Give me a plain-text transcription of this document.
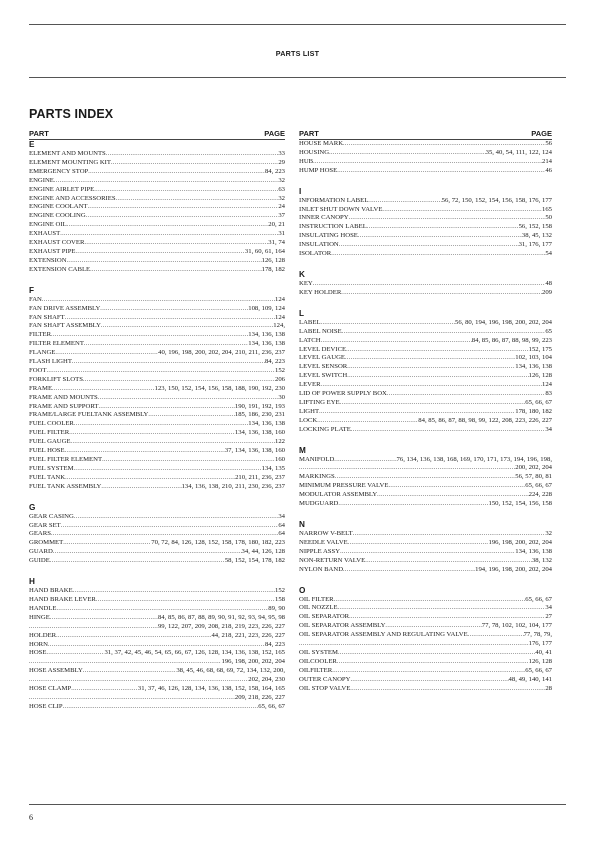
PARTS LIST
PARTS INDEX
PART	PAGE
E
ELEMENT AND MOUNTS .....	33
ELEMENT MOUNTING KIT .....	29
EMERGENCY STOP .....	84, 223
ENGINE .....	32
ENGINE AIRLET PIPE .....	63
ENGINE AND ACCESSORIES .....	32
ENGINE COOLANT .....	24
ENGINE COOLING .....	37
ENGINE OIL .....	20, 21
EXHAUST .....	31
EXHAUST COVER .....	31, 74
EXHAUST PIPE .....	31, 60, 61, 164
EXTENSION .....	126, 128
EXTENSION CABLE .....	178, 182
F
FAN .....	124
FAN DRIVE ASSEMBLY .....	108, 109, 124
FAN SHAFT .....	124
FAN SHAFT ASSEMBLY .....	124,
FILTER .....	134, 136, 138
FILTER ELEMENT .....	134, 136, 138
FLANGE .....	40, 196, 198, 200, 202, 204, 210, 211, 236, 237
FLASH LIGHT .....	84, 223
FOOT .....	152
FORKLIFT SLOTS .....	206
FRAME .....	123, 150, 152, 154, 156, 158, 188, 190, 192, 230
FRAME AND MOUNTS .....	30
FRAME AND SUPPORT .....	190, 191, 192, 193
FRAME/LARGE FUELTANK ASSEMBLY .....	185, 186, 230, 231
FUEL COOLER .....	134, 136, 138
FUEL FILTER .....	134, 136, 138, 160
FUEL GAUGE .....	122
FUEL HOSE .....	37, 134, 136, 138, 160
FUEL FILTER ELEMENT .....	160
FUEL SYSTEM .....	134, 135
FUEL TANK .....	210, 211, 236, 237
FUEL TANK ASSEMBLY .....	134, 136, 138, 210, 211, 230, 236, 237
G
GEAR CASING .....	34
GEAR SET .....	64
GEARS .....	64
GROMMET .....	70, 72, 84, 126, 128, 152, 158, 178, 180, 182, 223
GUARD .....	34, 44, 126, 128
GUIDE .....	58, 152, 154, 178, 182
H
HAND BRAKE .....	152
HAND BRAKE LEVER .....	158
HANDLE .....	89, 90
HINGE .....	84, 85, 86, 87, 88, 89, 90, 91, 92, 93, 94, 95, 98
.....
99, 122, 207, 209, 208, 218, 219, 223, 226, 227
HOLDER .....	44, 218, 221, 223, 226, 227
HORN .....	84, 223
HOSE .....	31, 37, 42, 45, 46, 54, 65, 66, 67, 126, 128, 134, 136, 138, 152, 165
.....
196, 198, 200, 202, 204
HOSE ASSEMBLY .....	38, 45, 46, 68, 68, 69, 72, 134, 132, 200,
.....
202, 204, 230
HOSE CLAMP .....	31, 37, 46, 126, 128, 134, 136, 138, 152, 158, 164, 165
.....
209, 218, 226, 227
HOSE CLIP .....	65, 66, 67
PART	PAGE
HOUSE MARK .....	56
HOUSING .....	35, 40, 54, 111, 122, 124
HUB .....	214
HUMP HOSE .....	46
I
INFORMATION LABEL .....	56, 72, 150, 152, 154, 156, 158, 176, 177
INLET SHUT DOWN VALVE .....	165
INNER CANOPY .....	50
INSTRUCTION LABEL .....	56, 152, 158
INSULATING HOSE .....	38, 45, 132
INSULATION .....	31, 176, 177
ISOLATOR .....	54
K
KEY .....	48
KEY HOLDER .....	209
L
LABEL .....	56, 80, 194, 196, 198, 200, 202, 204
LABEL NOISE .....	65
LATCH .....	84, 85, 86, 87, 88, 98, 99, 223
LEVEL DEVICE .....	152, 175
LEVEL GAUGE .....	102, 103, 104
LEVEL SENSOR .....	134, 136, 138
LEVEL SWITCH .....	126, 128
LEVER .....	124
LID OF POWER SUPPLY BOX .....	83
LIFTING EYE .....	65, 66, 67
LIGHT .....	178, 180, 182
LOCK .....	84, 85, 86, 87, 88, 98, 99, 122, 208, 223, 226, 227
LOCKING PLATE .....	34
M
MANIFOLD .....	76, 134, 136, 138, 168, 169, 170, 171, 173, 194, 196, 198,
.....
200, 202, 204
MARKINGS .....	56, 57, 80, 81
MINIMUM PRESSURE VALVE .....	65, 66, 67
MODULATOR ASSEMBLY .....	224, 228
MUDGUARD .....	150, 152, 154, 156, 158
N
NARROW V-BELT .....	32
NEEDLE VALVE .....	196, 198, 200, 202, 204
NIPPLE ASSY .....	134, 136, 138
NON-RETURN VALVE .....	38, 132
NYLON BAND .....	194, 196, 198, 200, 202, 204
O
OIL FILTER .....	65, 66, 67
OIL NOZZLE .....	34
OIL SEPARATOR .....	27
OIL SEPARATOR ASSEMBLY .....	77, 78, 102, 102, 104, 177
OIL SEPARATOR ASSEMBLY AND REGULATING VALVE .....	77, 78, 79,
.....
176, 177
OIL SYSTEM .....	40, 41
OILCOOLER .....	126, 128
OILFILTER .....	65, 66, 67
OUTER CANOPY .....	48, 49, 140, 141
OIL STOP VALVE .....	28
6
